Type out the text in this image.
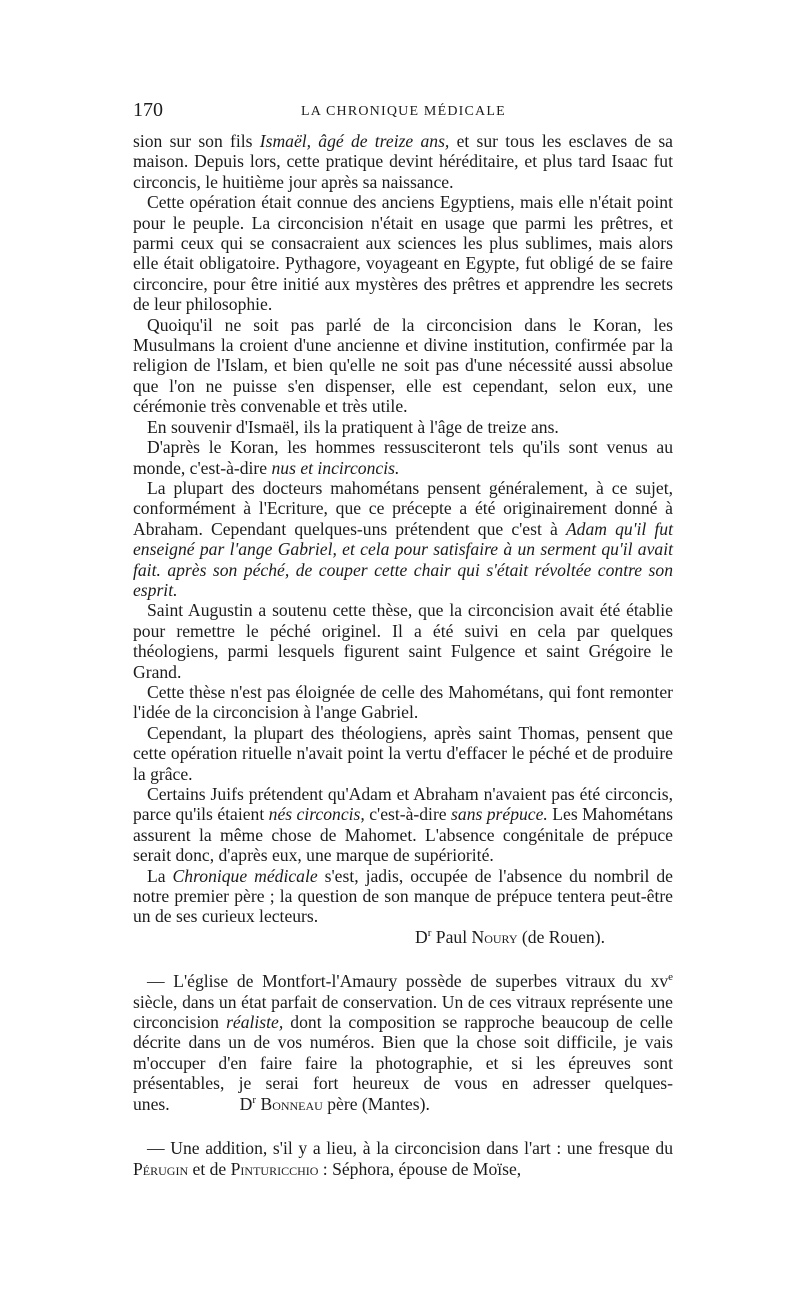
170	LA CHRONIQUE MÉDICALE

sion sur son fils Ismaël, âgé de treize ans, et sur tous les esclaves de sa maison. Depuis lors, cette pratique devint héréditaire, et plus tard Isaac fut circoncis, le huitième jour après sa naissance.

Cette opération était connue des anciens Egyptiens, mais elle n'était point pour le peuple. La circoncision n'était en usage que parmi les prêtres, et parmi ceux qui se consacraient aux sciences les plus sublimes, mais alors elle était obligatoire. Pythagore, voyageant en Egypte, fut obligé de se faire circoncire, pour être initié aux mystères des prêtres et apprendre les secrets de leur philosophie.

Quoiqu'il ne soit pas parlé de la circoncision dans le Koran, les Musulmans la croient d'une ancienne et divine institution, confirmée par la religion de l'Islam, et bien qu'elle ne soit pas d'une nécessité aussi absolue que l'on ne puisse s'en dispenser, elle est cependant, selon eux, une cérémonie très convenable et très utile.

En souvenir d'Ismaël, ils la pratiquent à l'âge de treize ans.

D'après le Koran, les hommes ressusciteront tels qu'ils sont venus au monde, c'est-à-dire nus et incirconcis.

La plupart des docteurs mahométans pensent généralement, à ce sujet, conformément à l'Ecriture, que ce précepte a été originairement donné à Abraham. Cependant quelques-uns prétendent que c'est à Adam qu'il fut enseigné par l'ange Gabriel, et cela pour satisfaire à un serment qu'il avait fait. après son péché, de couper cette chair qui s'était révoltée contre son esprit.

Saint Augustin a soutenu cette thèse, que la circoncision avait été établie pour remettre le péché originel. Il a été suivi en cela par quelques théologiens, parmi lesquels figurent saint Fulgence et saint Grégoire le Grand.

Cette thèse n'est pas éloignée de celle des Mahométans, qui font remonter l'idée de la circoncision à l'ange Gabriel.

Cependant, la plupart des théologiens, après saint Thomas, pensent que cette opération rituelle n'avait point la vertu d'effacer le péché et de produire la grâce.

Certains Juifs prétendent qu'Adam et Abraham n'avaient pas été circoncis, parce qu'ils étaient nés circoncis, c'est-à-dire sans prépuce. Les Mahométans assurent la même chose de Mahomet. L'absence congénitale de prépuce serait donc, d'après eux, une marque de supériorité.

La Chronique médicale s'est, jadis, occupée de l'absence du nombril de notre premier père ; la question de son manque de prépuce tentera peut-être un de ses curieux lecteurs.

$D^r$ Paul Noury (de Rouen).

— L'église de Montfort-l'Amaury possède de superbes vitraux du $xv^e$ siècle, dans un état parfait de conservation. Un de ces vitraux représente une circoncision réaliste, dont la composition se rapproche beaucoup de celle décrite dans un de vos numéros. Bien que la chose soit difficile, je vais m'occuper d'en faire faire la photographie, et si les épreuves sont présentables, je serai fort heureux de vous en adresser quelques-unes.	$D^r$ Bonneau père (Mantes).

— Une addition, s'il y a lieu, à la circoncision dans l'art : une fresque du Pérugin et de Pinturicchio : Séphora, épouse de Moïse,
